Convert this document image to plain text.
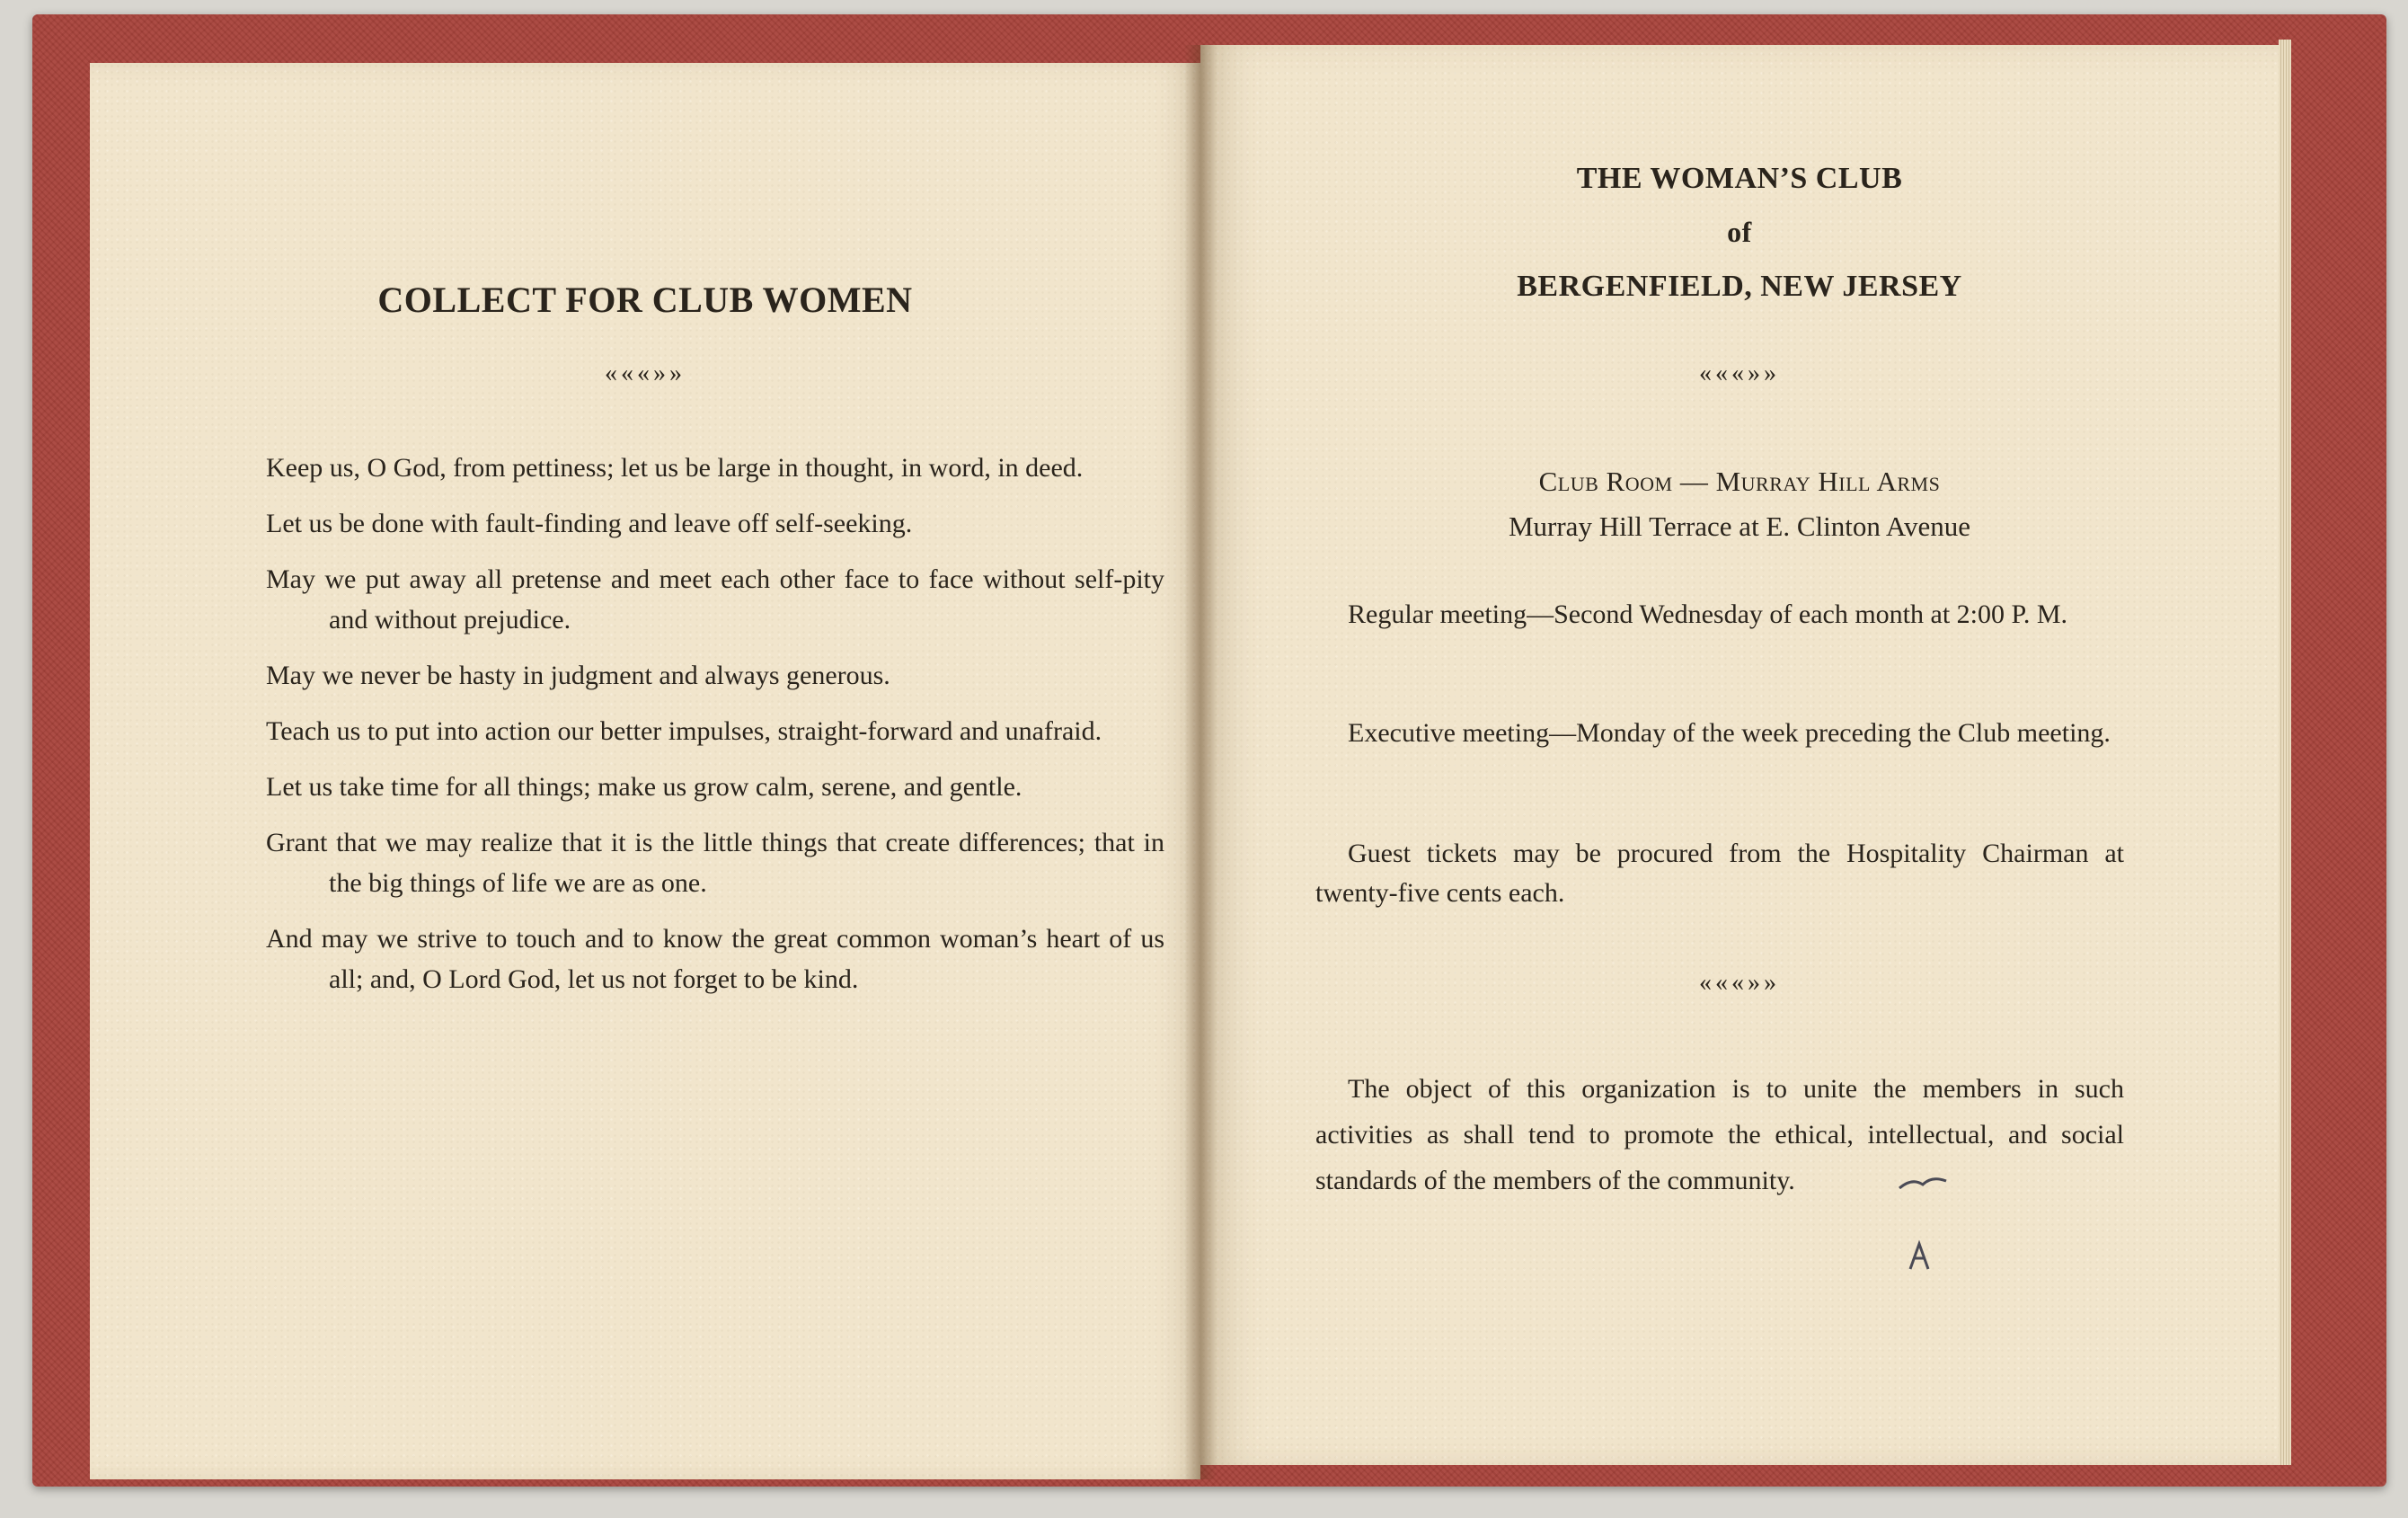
COLLECT FOR CLUB WOMEN
«««»»

Keep us, O God, from pettiness; let us be large in thought, in word, in deed.

Let us be done with fault-finding and leave off self-seeking.

May we put away all pretense and meet each other face to face without self-pity and without prejudice.

May we never be hasty in judgment and always generous.

Teach us to put into action our better impulses, straight-forward and unafraid.

Let us take time for all things; make us grow calm, serene, and gentle.

Grant that we may realize that it is the little things that create differences; that in the big things of life we are as one.

And may we strive to touch and to know the great common woman’s heart of us all; and, O Lord God, let us not forget to be kind.

THE WOMAN’S CLUB
of
BERGENFIELD, NEW JERSEY
«««»»
Club Room — Murray Hill Arms
Murray Hill Terrace at E. Clinton Avenue

Regular meeting—Second Wednesday of each month at 2:00 P. M.

Executive meeting—Monday of the week preceding the Club meeting.

Guest tickets may be procured from the Hospitality Chairman at twenty-five cents each.

«««»»

The object of this organization is to unite the members in such activities as shall tend to promote the ethical, intellectual, and social standards of the members of the community.
